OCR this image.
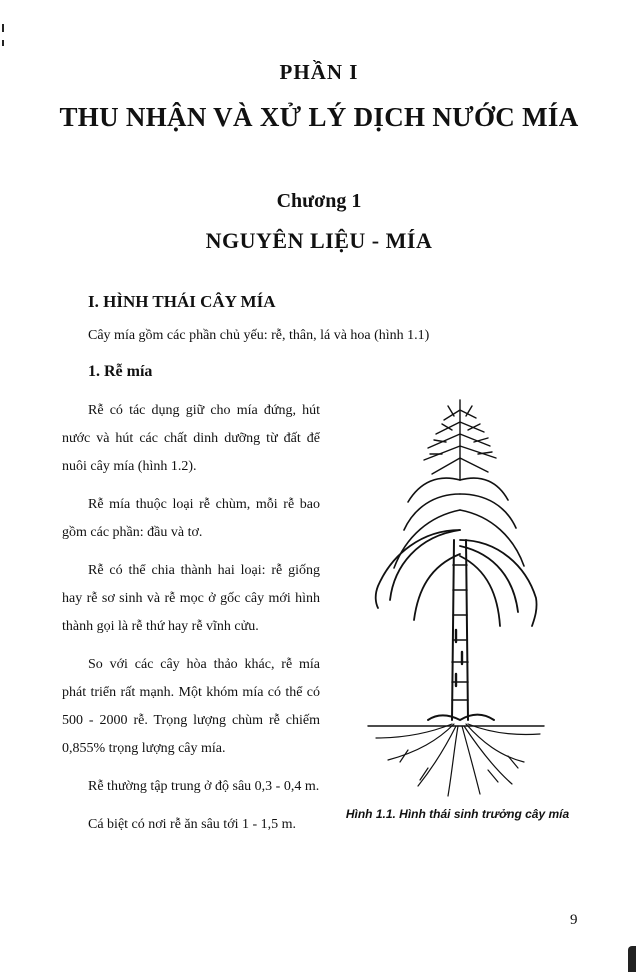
PHẦN I
THU NHẬN VÀ XỬ LÝ DỊCH NƯỚC MÍA
Chương 1
NGUYÊN LIỆU - MÍA
I. HÌNH THÁI CÂY MÍA

Cây mía gồm các phần chủ yếu: rễ, thân, lá và hoa (hình 1.1)

1. Rễ mía

Rễ có tác dụng giữ cho mía đứng, hút nước và hút các chất dinh dưỡng từ đất để nuôi cây mía (hình 1.2).

Rễ mía thuộc loại rễ chùm, mỗi rễ bao gồm các phần: đầu và tơ.

Rễ có thể chia thành hai loại: rễ giống hay rễ sơ sinh và rễ mọc ở gốc cây mới hình thành gọi là rễ thứ hay rễ vĩnh cửu.

So với các cây hòa thảo khác, rễ mía phát triển rất mạnh. Một khóm mía có thể có 500 - 2000 rễ. Trọng lượng chùm rễ chiếm 0,855% trọng lượng cây mía.

Rễ thường tập trung ở độ sâu 0,3 - 0,4 m.

Cá biệt có nơi rễ ăn sâu tới 1 - 1,5 m.

Hình 1.1. Hình thái sinh trưởng cây mía

9
